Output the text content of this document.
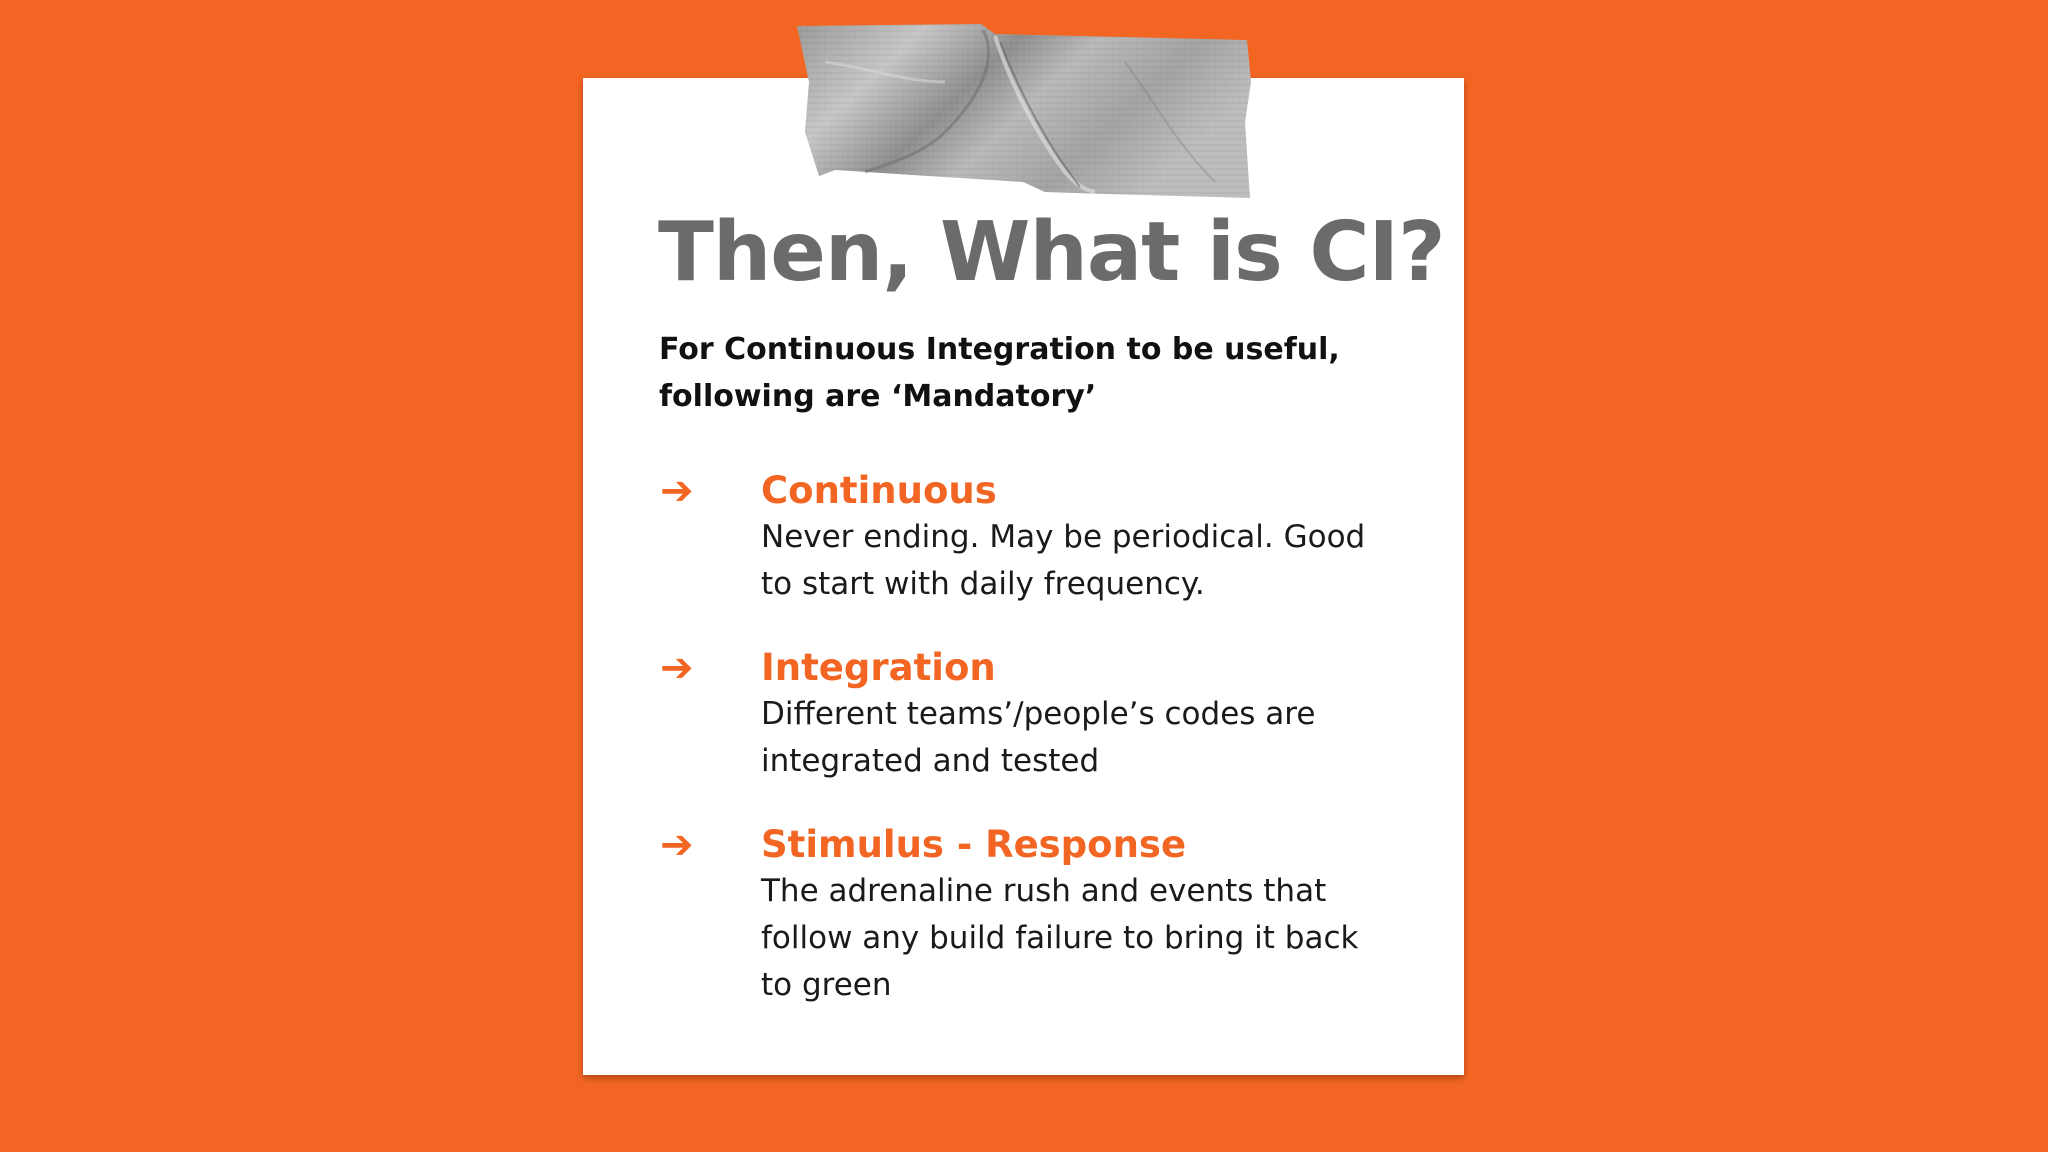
Then, What is CI?
For Continuous Integration to be useful,
following are ‘Mandatory’
➔ Continuous

Never ending. May be periodical. Good to start with daily frequency.

➔ Integration

Different teams’/people’s codes are integrated and tested

➔ Stimulus - Response

The adrenaline rush and events that follow any build failure to bring it back to green
